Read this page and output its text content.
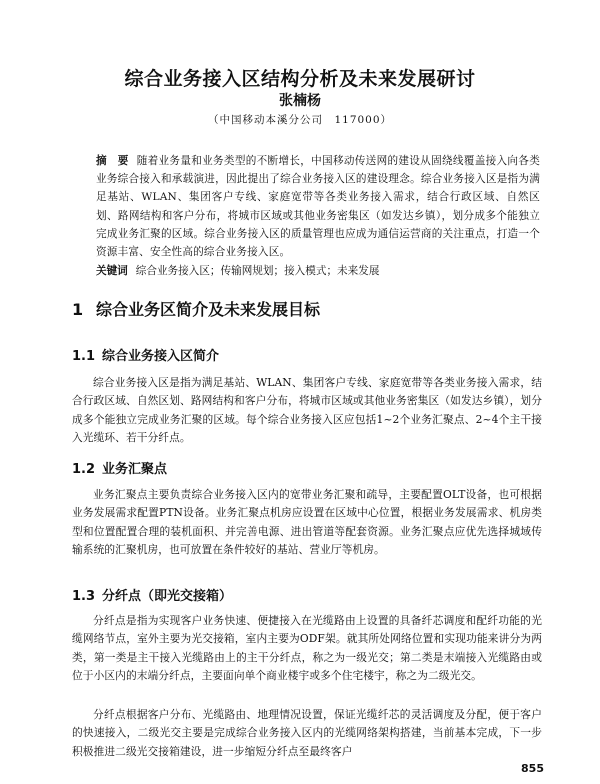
综合业务接入区结构分析及未来发展研讨
张楠杨
（中国移动本溪分公司　117000）
摘　要 随着业务量和业务类型的不断增长，中国移动传送网的建设从固绕线覆盖接入向各类业务综合接入和承载演进，因此提出了综合业务接入区的建设理念。综合业务接入区是指为满足基站、WLAN、集团客户专线、家庭宽带等各类业务接入需求，结合行政区域、自然区划、路网结构和客户分布，将城市区域或其他业务密集区（如发达乡镇），划分成多个能独立完成业务汇聚的区域。综合业务接入区的质量管理也应成为通信运营商的关注重点，打造一个资源丰富、安全性高的综合业务接入区。
关键词 综合业务接入区；传输网规划；接入模式；未来发展
1 综合业务区简介及未来发展目标
1.1 综合业务接入区简介
综合业务接入区是指为满足基站、WLAN、集团客户专线、家庭宽带等各类业务接入需求，结合行政区域、自然区划、路网结构和客户分布，将城市区域或其他业务密集区（如发达乡镇），划分成多个能独立完成业务汇聚的区域。每个综合业务接入区应包括1~2个业务汇聚点、2~4个主干接入光缆环、若干分纤点。
1.2 业务汇聚点
业务汇聚点主要负责综合业务接入区内的宽带业务汇聚和疏导，主要配置OLT设备，也可根据业务发展需求配置PTN设备。业务汇聚点机房应设置在区域中心位置，根据业务发展需求、机房类型和位置配置合理的装机面积、并完善电源、进出管道等配套资源。业务汇聚点应优先选择城域传输系统的汇聚机房，也可放置在条件较好的基站、营业厅等机房。
1.3 分纤点（即光交接箱）
分纤点是指为实现客户业务快速、便捷接入在光缆路由上设置的具备纤芯调度和配纤功能的光缆网络节点，室外主要为光交接箱，室内主要为ODF架。就其所处网络位置和实现功能来讲分为两类，第一类是主干接入光缆路由上的主干分纤点，称之为一级光交；第二类是末端接入光缆路由或位于小区内的末端分纤点，主要面向单个商业楼宇或多个住宅楼宇，称之为二级光交。
分纤点根据客户分布、光缆路由、地理情况设置，保证光缆纤芯的灵活调度及分配，便于客户的快速接入，二级光交主要是完成综合业务接入区内的光缆网络架构搭建，当前基本完成，下一步积极推进二级光交接箱建设，进一步缩短分纤点至最终客户
855
